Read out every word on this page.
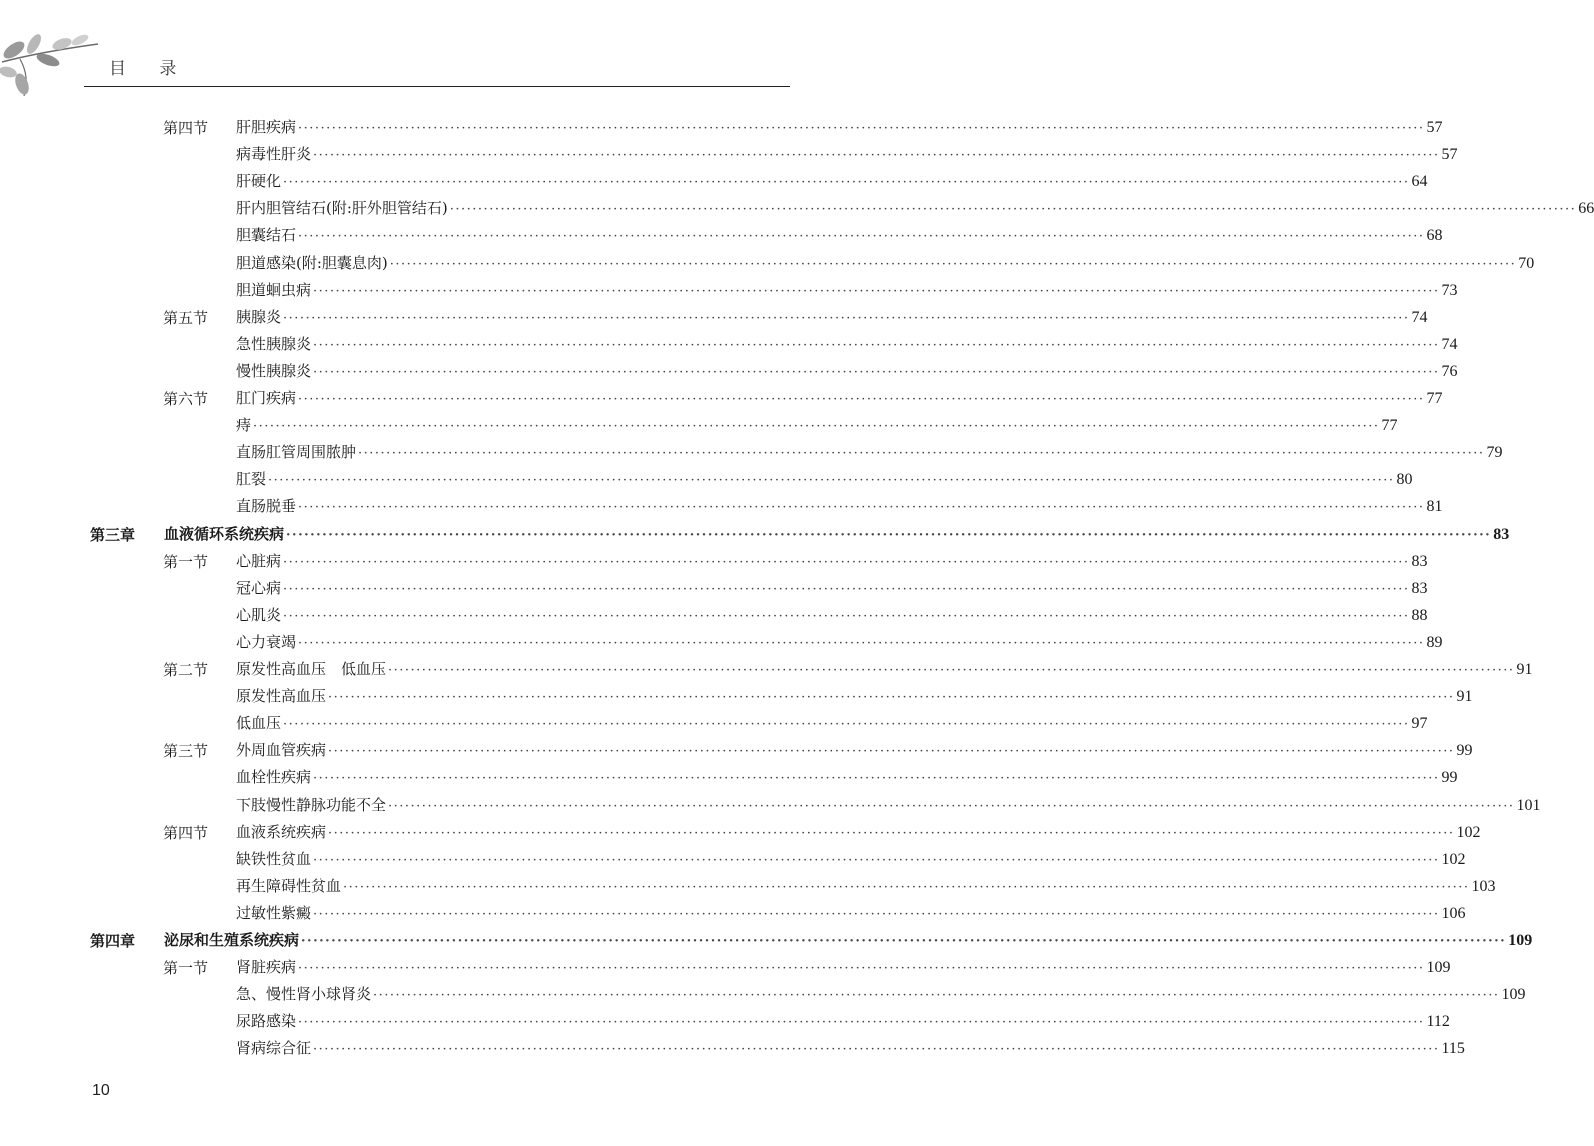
目 录
第四节 肝胆疾病 ········································································································································································································ 57
病毒性肝炎 ········································································································································································································ 57
肝硬化 ········································································································································································································ 64
肝内胆管结石(附:肝外胆管结石) ········································································································································································································ 66
胆囊结石 ········································································································································································································ 68
胆道感染(附:胆囊息肉) ········································································································································································································ 70
胆道蛔虫病 ········································································································································································································ 73
第五节 胰腺炎 ········································································································································································································ 74
急性胰腺炎 ········································································································································································································ 74
慢性胰腺炎 ········································································································································································································ 76
第六节 肛门疾病 ········································································································································································································ 77
痔 ········································································································································································································ 77
直肠肛管周围脓肿 ········································································································································································································ 79
肛裂 ········································································································································································································ 80
直肠脱垂 ········································································································································································································ 81
第三章 血液循环系统疾病 ········································································································································································································ 83
第一节 心脏病 ········································································································································································································ 83
冠心病 ········································································································································································································ 83
心肌炎 ········································································································································································································ 88
心力衰竭 ········································································································································································································ 89
第二节 原发性高血压　低血压 ········································································································································································································ 91
原发性高血压 ········································································································································································································ 91
低血压 ········································································································································································································ 97
第三节 外周血管疾病 ········································································································································································································ 99
血栓性疾病 ········································································································································································································ 99
下肢慢性静脉功能不全 ········································································································································································································ 101
第四节 血液系统疾病 ········································································································································································································ 102
缺铁性贫血 ········································································································································································································ 102
再生障碍性贫血 ········································································································································································································ 103
过敏性紫癜 ········································································································································································································ 106
第四章 泌尿和生殖系统疾病 ········································································································································································································ 109
第一节 肾脏疾病 ········································································································································································································ 109
急、慢性肾小球肾炎 ········································································································································································································ 109
尿路感染 ········································································································································································································ 112
肾病综合征 ········································································································································································································ 115
10
